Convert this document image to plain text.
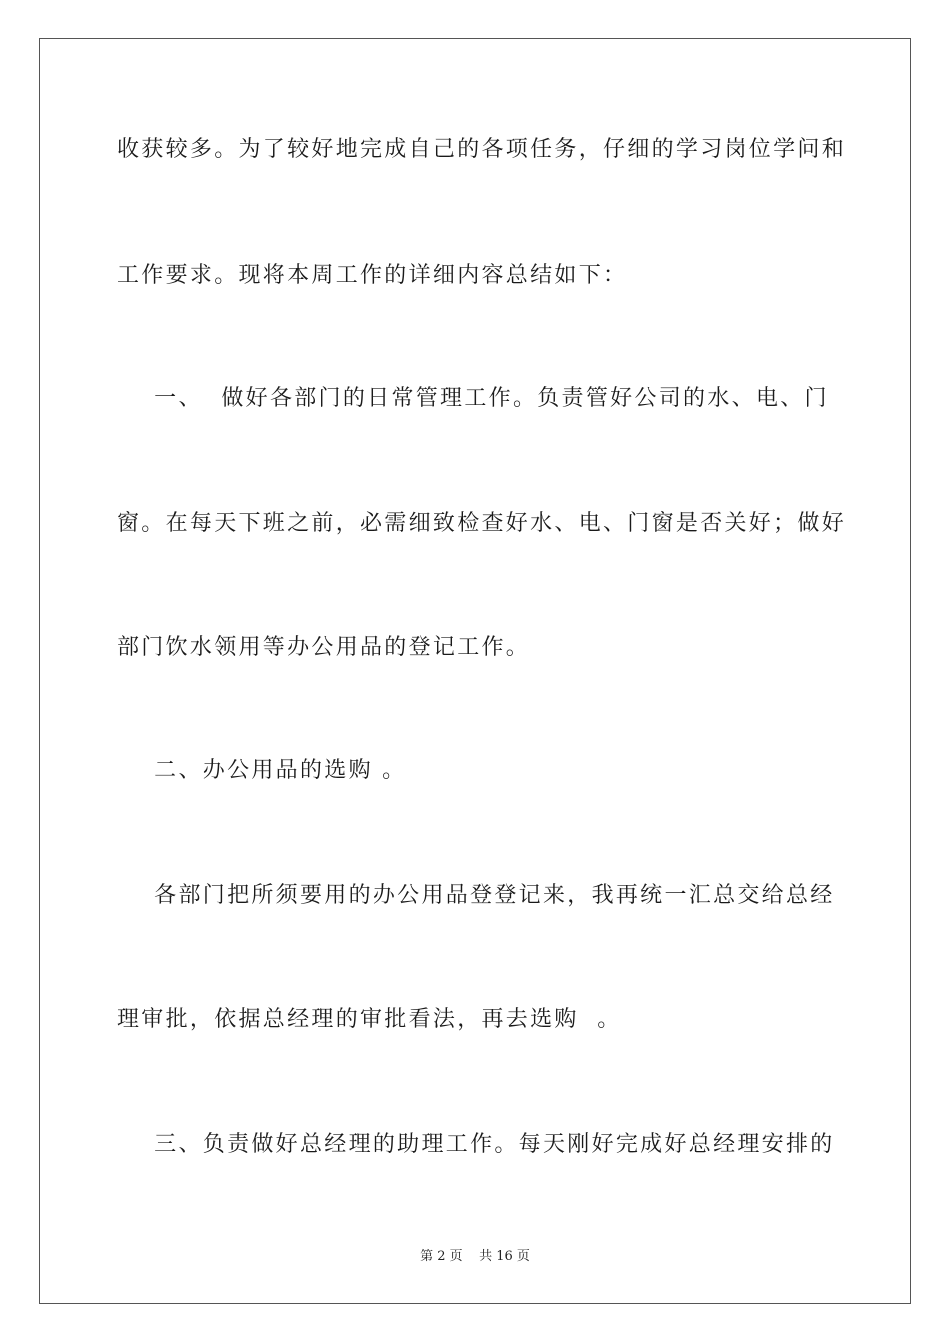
收获较多。为了较好地完成自己的各项任务，仔细的学习岗位学问和
工作要求。现将本周工作的详细内容总结如下：
一、  做好各部门的日常管理工作。负责管好公司的水、电、门
窗。在每天下班之前，必需细致检查好水、电、门窗是否关好；做好
部门饮水领用等办公用品的登记工作。
二、办公用品的选购 。
各部门把所须要用的办公用品登登记来，我再统一汇总交给总经
理审批，依据总经理的审批看法，再去选购  。
三、负责做好总经理的助理工作。每天刚好完成好总经理安排的
第 2 页    共 16 页
